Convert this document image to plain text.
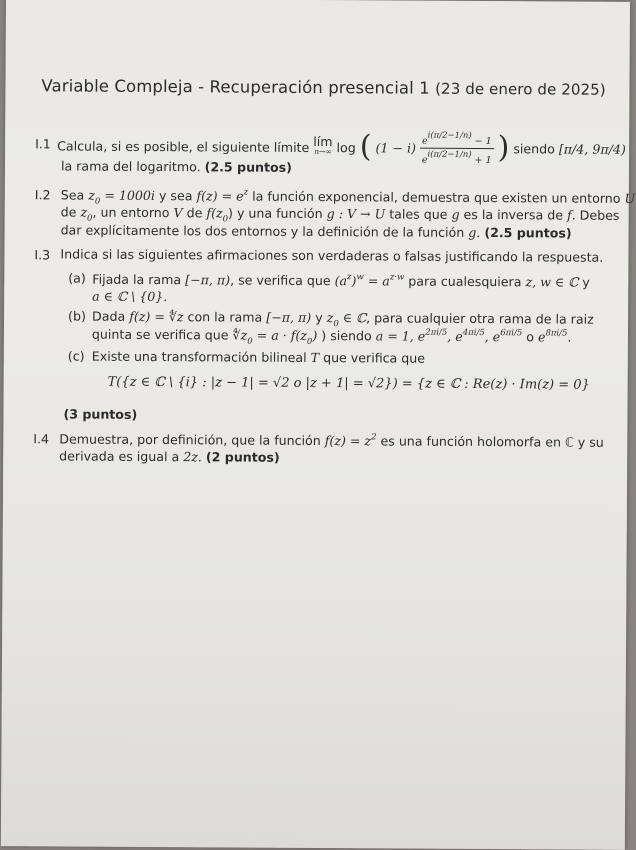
Variable Compleja - Recuperación presencial 1 (23 de enero de 2025)
I.1 Calcula, si es posible, el siguiente límite lím
n→∞ log ( $(1 - i) \frac{e^{i(\pi/2-1/n)} - 1}{e^{i(\pi/2-1/n)} + 1}$ ) siendo [π/4, 9π/4)
la rama del logaritmo. (2.5 puntos)
I.2 Sea $z_0 = 1000i$ y sea $f(z) = e^z$ la función exponencial, demuestra que existen un entorno U
de $z_0$, un entorno V de $f(z_0)$ y una función g : V → U tales que g es la inversa de f. Debes
dar explícitamente los dos entornos y la definición de la función g. (2.5 puntos)
I.3 Indica si las siguientes afirmaciones son verdaderas o falsas justificando la respuesta.
(a) Fijada la rama [−π, π), se verifica que $(a^z)^w = a^{z\cdot w}$ para cualesquiera z, w ∈ ℂ y
a ∈ ℂ \ {0}.
(b) Dada f(z) = ∜z con la rama [−π, π) y $z_0$ ∈ ℂ, para cualquier otra rama de la raiz
quinta se verifica que $∜z_0 = a \cdot f(z_0)$ ) siendo a = 1, $e^{2\pi i/5}$, $e^{4\pi i/5}$, $e^{6\pi i/5}$ o $e^{8\pi i/5}$.
(c) Existe una transformación bilineal T que verifica que
T({z ∈ ℂ \ {i} : |z − 1| = √2 o |z + 1| = √2}) = {z ∈ ℂ : Re(z) · Im(z) = 0}
(3 puntos)
I.4 Demuestra, por definición, que la función $f(z) = z^2$ es una función holomorfa en ℂ y su
derivada es igual a 2z. (2 puntos)
